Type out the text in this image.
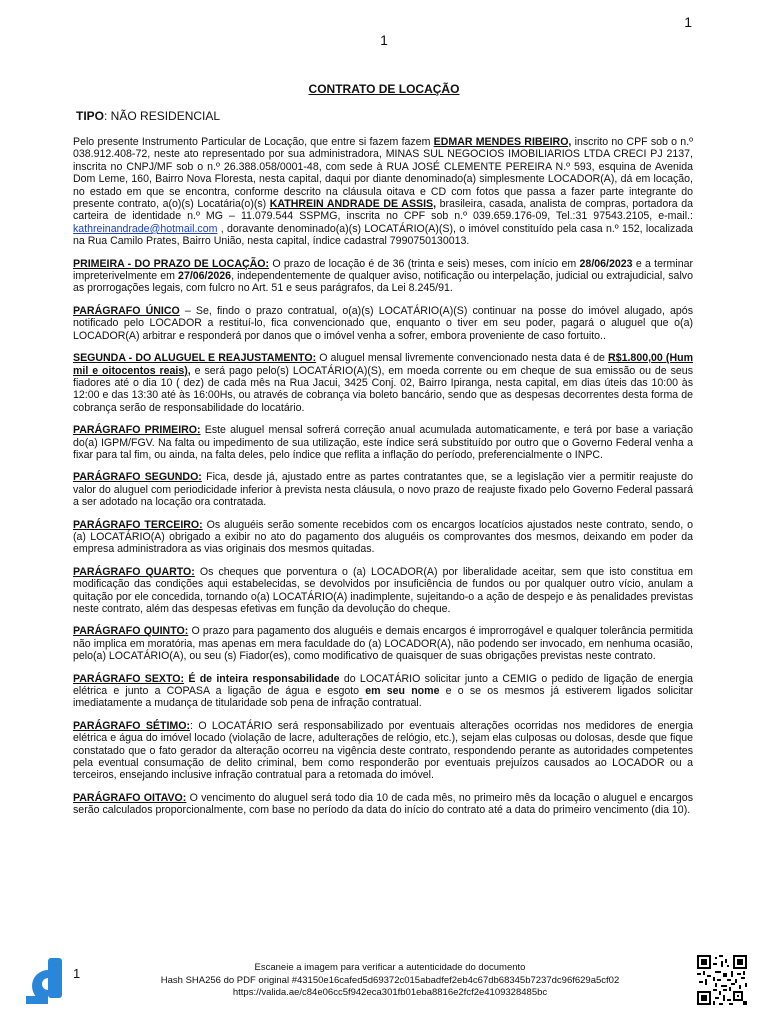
1
1
CONTRATO DE LOCAÇÃO
TIPO: NÃO RESIDENCIAL

Pelo presente Instrumento Particular de Locação, que entre si fazem fazem EDMAR MENDES RIBEIRO, inscrito no CPF sob o n.º 038.912.408-72, neste ato representado por sua administradora, MINAS SUL NEGOCIOS IMOBILIARIOS LTDA CRECI PJ 2137, inscrita no CNPJ/MF sob o n.º 26.388.058/0001-48, com sede à RUA JOSÉ CLEMENTE PEREIRA N.º 593, esquina de Avenida Dom Leme, 160, Bairro Nova Floresta, nesta capital, daqui por diante denominado(a) simplesmente LOCADOR(A), dá em locação, no estado em que se encontra, conforme descrito na cláusula oitava e CD com fotos que passa a fazer parte integrante do presente contrato, a(o)(s) Locatária(o)(s) KATHREIN ANDRADE DE ASSIS, brasileira, casada, analista de compras, portadora da carteira de identidade n.º MG – 11.079.544 SSPMG, inscrita no CPF sob n.º 039.659.176-09, Tel.:31 97543.2105, e-mail.: kathreinandrade@hotmail.com , doravante denominado(a)(s) LOCATÁRIO(A)(S), o imóvel constituído pela casa n.º 152, localizada na Rua Camilo Prates, Bairro União, nesta capital, índice cadastral 7990750130013.

PRIMEIRA - DO PRAZO DE LOCAÇÃO: O prazo de locação é de 36 (trinta e seis) meses, com início em 28/06/2023 e a terminar impreterivelmente em 27/06/2026, independentemente de qualquer aviso, notificação ou interpelação, judicial ou extrajudicial, salvo as prorrogações legais, com fulcro no Art. 51 e seus parágrafos, da Lei 8.245/91.

PARÁGRAFO ÚNICO – Se, findo o prazo contratual, o(a)(s) LOCATÁRIO(A)(S) continuar na posse do imóvel alugado, após notificado pelo LOCADOR a restituí-lo, fica convencionado que, enquanto o tiver em seu poder, pagará o aluguel que o(a) LOCADOR(A) arbitrar e responderá por danos que o imóvel venha a sofrer, embora proveniente de caso fortuito..

SEGUNDA - DO ALUGUEL E REAJUSTAMENTO: O aluguel mensal livremente convencionado nesta data é de R$1.800,00 (Hum mil e oitocentos reais), e será pago pelo(s) LOCATÁRIO(A)(S), em moeda corrente ou em cheque de sua emissão ou de seus fiadores até o dia 10 ( dez) de cada mês na Rua Jacui, 3425 Conj. 02, Bairro Ipiranga, nesta capital, em dias úteis das 10:00 às 12:00 e das 13:30 até às 16:00Hs, ou através de cobrança via boleto bancário, sendo que as despesas decorrentes desta forma de cobrança serão de responsabilidade do locatário.

PARÁGRAFO PRIMEIRO: Este aluguel mensal sofrerá correção anual acumulada automaticamente, e terá por base a variação do(a) IGPM/FGV. Na falta ou impedimento de sua utilização, este índice será substituído por outro que o Governo Federal venha a fixar para tal fim, ou ainda, na falta deles, pelo índice que reflita a inflação do período, preferencialmente o INPC.

PARÁGRAFO SEGUNDO: Fica, desde já, ajustado entre as partes contratantes que, se a legislação vier a permitir reajuste do valor do aluguel com periodicidade inferior à prevista nesta cláusula, o novo prazo de reajuste fixado pelo Governo Federal passará a ser adotado na locação ora contratada.

PARÁGRAFO TERCEIRO: Os aluguéis serão somente recebidos com os encargos locatícios ajustados neste contrato, sendo, o (a) LOCATÁRIO(A) obrigado a exibir no ato do pagamento dos aluguéis os comprovantes dos mesmos, deixando em poder da empresa administradora as vias originais dos mesmos quitadas.

PARÁGRAFO QUARTO: Os cheques que porventura o (a) LOCADOR(A) por liberalidade aceitar, sem que isto constitua em modificação das condições aqui estabelecidas, se devolvidos por insuficiência de fundos ou por qualquer outro vício, anulam a quitação por ele concedida, tornando o(a) LOCATÁRIO(A) inadimplente, sujeitando-o a ação de despejo e às penalidades previstas neste contrato, além das despesas efetivas em função da devolução do cheque.

PARÁGRAFO QUINTO: O prazo para pagamento dos aluguéis e demais encargos é improrrogável e qualquer tolerância permitida não implica em moratória, mas apenas em mera faculdade do (a) LOCADOR(A), não podendo ser invocado, em nenhuma ocasião, pelo(a) LOCATÁRIO(A), ou seu (s) Fiador(es), como modificativo de quaisquer de suas obrigações previstas neste contrato.

PARÁGRAFO SEXTO: É de inteira responsabilidade do LOCATÁRIO solicitar junto a CEMIG o pedido de ligação de energia elétrica e junto a COPASA a ligação de água e esgoto em seu nome e o se os mesmos já estiverem ligados solicitar imediatamente a mudança de titularidade sob pena de infração contratual.

PARÁGRAFO SÉTIMO:: O LOCATÁRIO será responsabilizado por eventuais alterações ocorridas nos medidores de energia elétrica e água do imóvel locado (violação de lacre, adulterações de relógio, etc.), sejam elas culposas ou dolosas, desde que fique constatado que o fato gerador da alteração ocorreu na vigência deste contrato, respondendo perante as autoridades competentes pela eventual consumação de delito criminal, bem como responderão por eventuais prejuízos causados ao LOCADOR ou a terceiros, ensejando inclusive infração contratual para a retomada do imóvel.

PARÁGRAFO OITAVO: O vencimento do aluguel será todo dia 10 de cada mês, no primeiro mês da locação o aluguel e encargos serão calculados proporcionalmente, com base no período da data do início do contrato até a data do primeiro vencimento (dia 10).

1	Escaneie a imagem para verificar a autenticidade do documento
Hash SHA256 do PDF original #43150e16cafed5d69372c015abadfef2eb4c67db68345b7237dc96f629a5cf02
https://valida.ae/c84e06cc5f942eca301fb01eba8816e2fcf2e4109328485bc
